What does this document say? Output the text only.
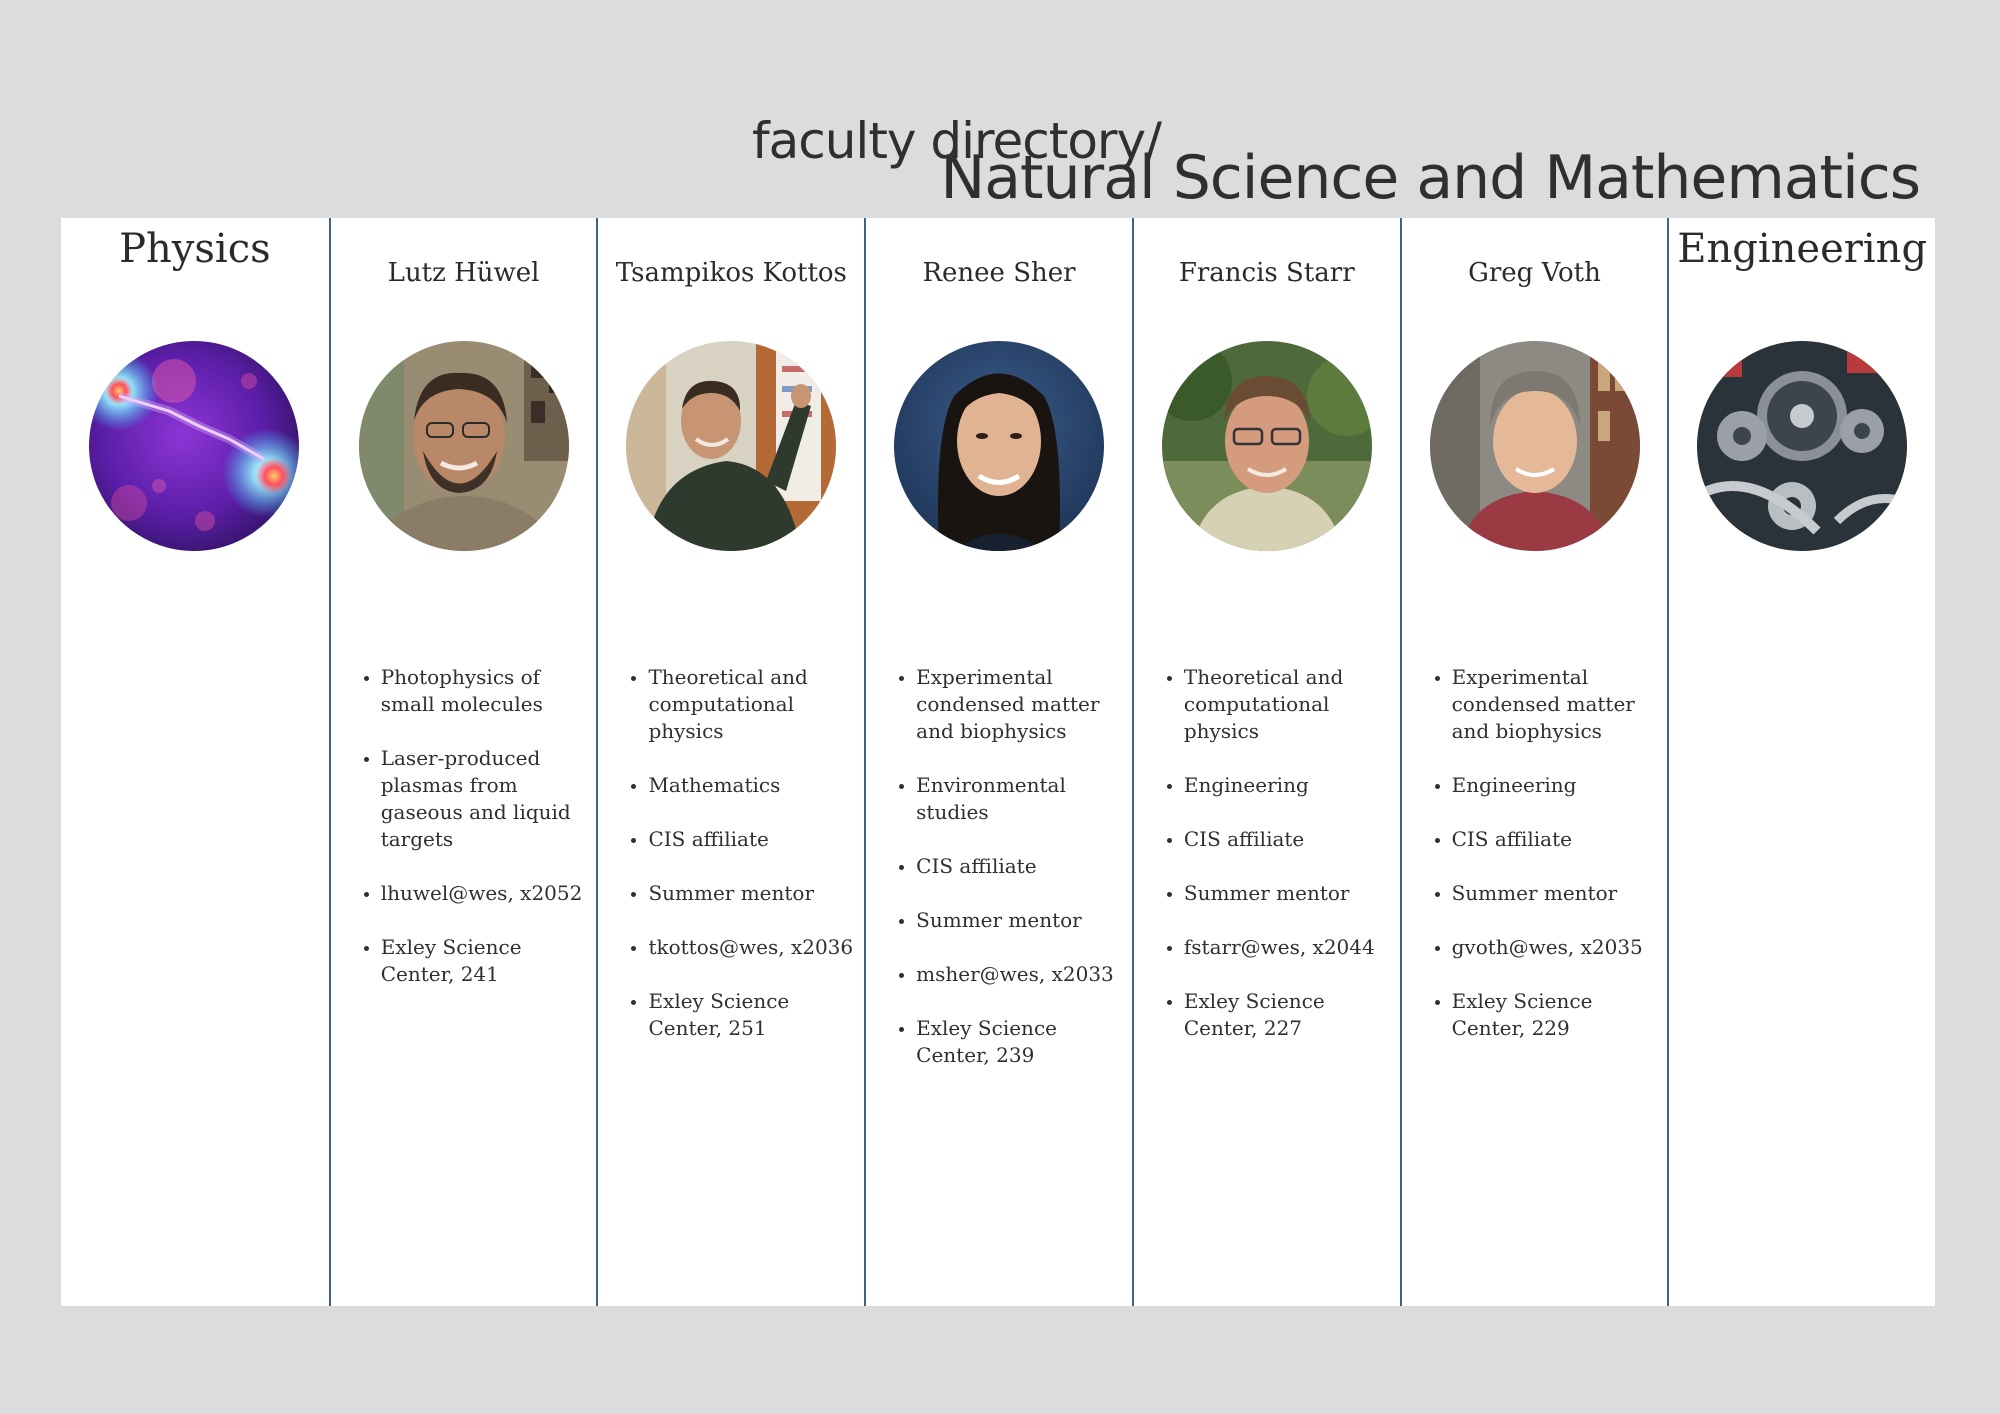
faculty directory/
Natural Science and Mathematics
Physics
Lutz Hüwel
• Photophysics of small molecules
• Laser-produced plasmas from gaseous and liquid targets
• lhuwel@wes, x2052
• Exley Science Center, 241
Tsampikos Kottos
• Theoretical and computational physics
• Mathematics
• CIS affiliate
• Summer mentor
• tkottos@wes, x2036
• Exley Science Center, 251
Renee Sher
• Experimental condensed matter and biophysics
• Environmental studies
• CIS affiliate
• Summer mentor
• msher@wes, x2033
• Exley Science Center, 239
Francis Starr
• Theoretical and computational physics
• Engineering
• CIS affiliate
• Summer mentor
• fstarr@wes, x2044
• Exley Science Center, 227
Greg Voth
• Experimental condensed matter and biophysics
• Engineering
• CIS affiliate
• Summer mentor
• gvoth@wes, x2035
• Exley Science Center, 229
Engineering
